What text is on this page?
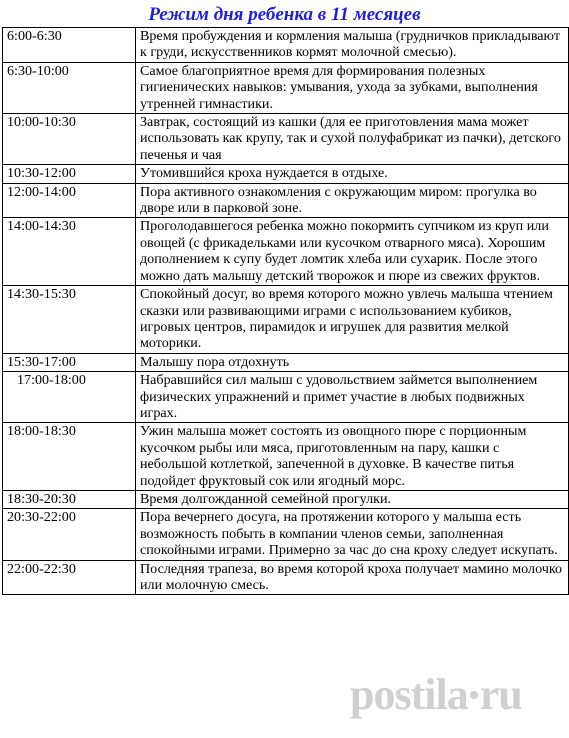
Режим дня ребенка в 11 месяцев
6:00-6:30	Время пробуждения и кормления малыша (грудничков прикладывают к груди, искусственников кормят молочной смесью).
6:30-10:00	Самое благоприятное время для формирования полезных гигиенических навыков: умывания, ухода за зубками, выполнения утренней гимнастики.
10:00-10:30	Завтрак, состоящий из кашки (для ее приготовления мама может использовать как крупу, так и сухой полуфабрикат из пачки), детского печенья и чая
10:30-12:00	Утомившийся кроха нуждается в отдыхе.
12:00-14:00	Пора активного ознакомления с окружающим миром: прогулка во дворе или в парковой зоне.
14:00-14:30	Проголодавшегося ребенка можно покормить супчиком из круп или овощей (с фрикадельками или кусочком отварного мяса). Хорошим дополнением к супу будет ломтик хлеба или сухарик. После этого можно дать малышу детский творожок и пюре из свежих фруктов.
14:30-15:30	Спокойный досуг, во время которого можно увлечь малыша чтением сказки или развивающими играми с использованием кубиков, игровых центров, пирамидок и игрушек для развития мелкой моторики.
15:30-17:00	Малышу пора отдохнуть
17:00-18:00	Набравшийся сил малыш с удовольствием займется выполнением физических упражнений и примет участие в любых подвижных играх.
18:00-18:30	Ужин малыша может состоять из овощного пюре с порционным кусочком рыбы или мяса, приготовленным на пару, кашки с небольшой котлеткой, запеченной в духовке. В качестве питья подойдет фруктовый сок или ягодный морс.
18:30-20:30	Время долгожданной семейной прогулки.
20:30-22:00	Пора вечернего досуга, на протяжении которого у малыша есть возможность побыть в компании членов семьи, заполненная спокойными играми. Примерно за час до сна кроху следует искупать.
22:00-22:30	Последняя трапеза, во время которой кроха получает мамино молочко или молочную смесь.
postila ru
